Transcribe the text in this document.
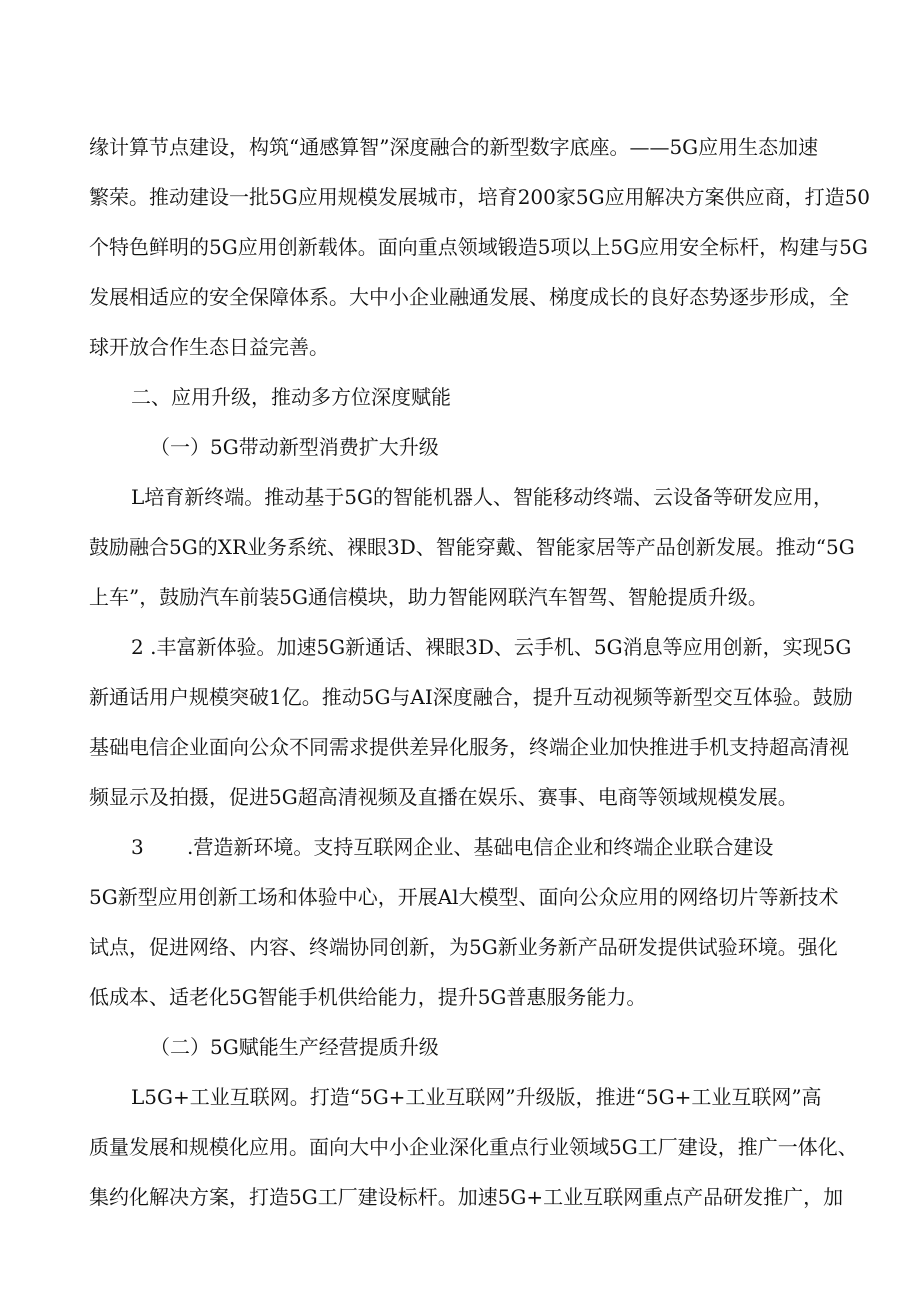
缘计算节点建设，构筑“通感算智”深度融合的新型数字底座。——5G应用生态加速
繁荣。推动建设一批5G应用规模发展城市，培育200家5G应用解决方案供应商，打造50
个特色鲜明的5G应用创新载体。面向重点领域锻造5项以上5G应用安全标杆，构建与5G
发展相适应的安全保障体系。大中小企业融通发展、梯度成长的良好态势逐步形成，全
球开放合作生态日益完善。
二、应用升级，推动多方位深度赋能
（一）5G带动新型消费扩大升级
L培育新终端。推动基于5G的智能机器人、智能移动终端、云设备等研发应用，
鼓励融合5G的XR业务系统、裸眼3D、智能穿戴、智能家居等产品创新发展。推动“5G
上车”，鼓励汽车前装5G通信模块，助力智能网联汽车智驾、智舱提质升级。
2 .丰富新体验。加速5G新通话、裸眼3D、云手机、5G消息等应用创新，实现5G
新通话用户规模突破1亿。推动5G与AI深度融合，提升互动视频等新型交互体验。鼓励
基础电信企业面向公众不同需求提供差异化服务，终端企业加快推进手机支持超高清视
频显示及拍摄，促进5G超高清视频及直播在娱乐、赛事、电商等领域规模发展。
3 .营造新环境。支持互联网企业、基础电信企业和终端企业联合建设
5G新型应用创新工场和体验中心，开展Al大模型、面向公众应用的网络切片等新技术
试点，促进网络、内容、终端协同创新，为5G新业务新产品研发提供试验环境。强化
低成本、适老化5G智能手机供给能力，提升5G普惠服务能力。
（二）5G赋能生产经营提质升级
L5G+工业互联网。打造“5G+工业互联网”升级版，推进“5G+工业互联网”高
质量发展和规模化应用。面向大中小企业深化重点行业领域5G工厂建设，推广一体化、
集约化解决方案，打造5G工厂建设标杆。加速5G+工业互联网重点产品研发推广，加
